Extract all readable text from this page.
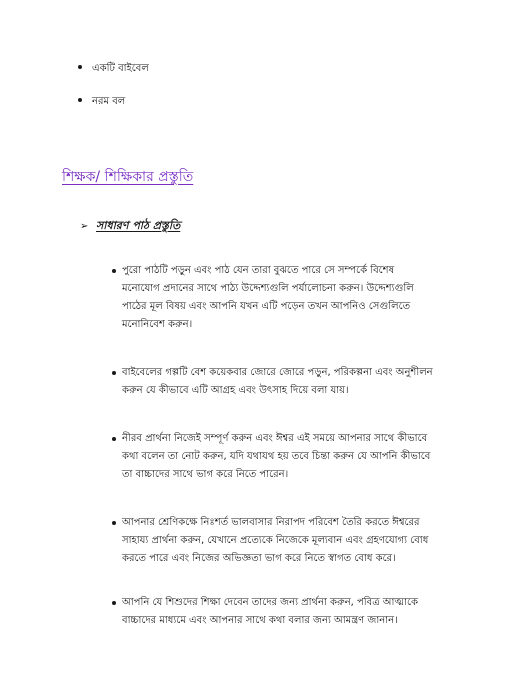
একটি বাইবেল
নরম বল
শিক্ষক/ শিক্ষিকার প্রস্তুতি
➢ সাধারণ পাঠ প্রস্তুতি
পুরো পাঠটি পড়ুন এবং পাঠ যেন তারা বুঝতে পারে সে সম্পর্কে বিশেষ
মনোযোগ প্রদানের সাথে পাঠ্য উদ্দেশ্যগুলি পর্যালোচনা করুন। উদ্দেশ্যগুলি
পাঠের মূল বিষয় এবং আপনি যখন এটি পড়েন তখন আপনিও সেগুলিতে
মনোনিবেশ করুন।
বাইবেলের গল্পটি বেশ কয়েকবার জোরে জোরে পড়ুন, পরিকল্পনা এবং অনুশীলন
করুন যে কীভাবে এটি আগ্রহ এবং উৎসাহ দিয়ে বলা যায়।
নীরব প্রার্থনা নিজেই সম্পূর্ণ করুন এবং ঈশ্বর এই সময়ে আপনার সাথে কীভাবে
কথা বলেন তা নোট করুন, যদি যথাযথ হয় তবে চিন্তা করুন যে আপনি কীভাবে
তা বাচ্চাদের সাথে ভাগ করে নিতে পারেন।
আপনার শ্রেণিকক্ষে নিঃশর্ত ভালবাসার নিরাপদ পরিবেশ তৈরি করতে ঈশ্বরের
সাহায্য প্রার্থনা করুন, যেখানে প্রত্যেকে নিজেকে মূল্যবান এবং গ্রহণযোগ্য বোধ
করতে পারে এবং নিজের অভিজ্ঞতা ভাগ করে নিতে স্বাগত বোধ করে।
আপনি যে শিশুদের শিক্ষা দেবেন তাদের জন্য প্রার্থনা করুন, পবিত্র আত্মাকে
বাচ্চাদের মাধ্যমে এবং আপনার সাথে কথা বলার জন্য আমন্ত্রণ জানান।
